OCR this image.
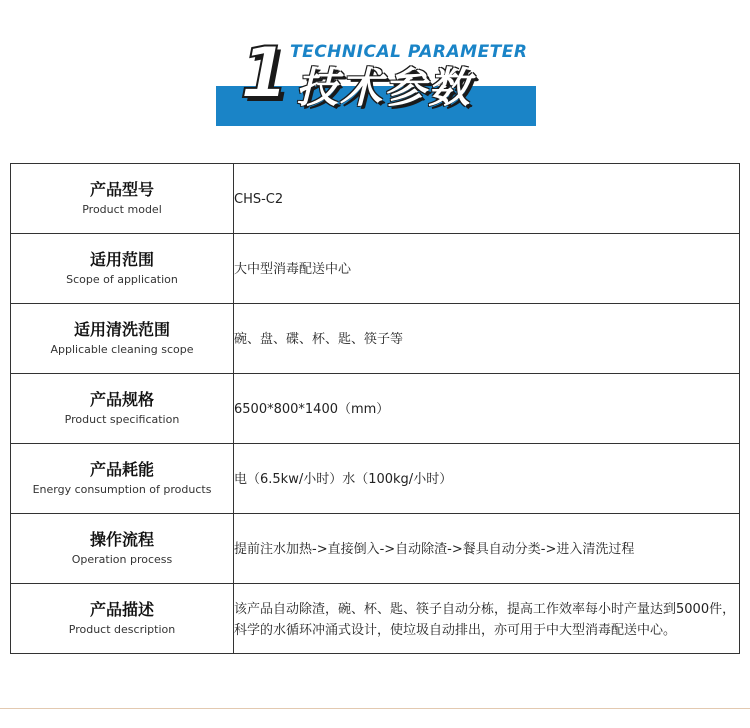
1 TECHNICAL PARAMETER
技术参数
产品型号
Product model	CHS-C2

适用范围
Scope of application	大中型消毒配送中心

适用清洗范围
Applicable cleaning scope	碗、盘、碟、杯、匙、筷子等

产品规格
Product specification	6500*800*1400（mm）

产品耗能
Energy consumption of products	电（6.5kw/小时）水（100kg/小时）

操作流程
Operation process	提前注水加热->直接倒入->自动除渣->餐具自动分类->进入清洗过程

产品描述
Product description	该产品自动除渣，碗、杯、匙、筷子自动分栋，提高工作效率每小时产量达到5000件，科学的水循环冲涌式设计，使垃圾自动排出，亦可用于中大型消毒配送中心。
